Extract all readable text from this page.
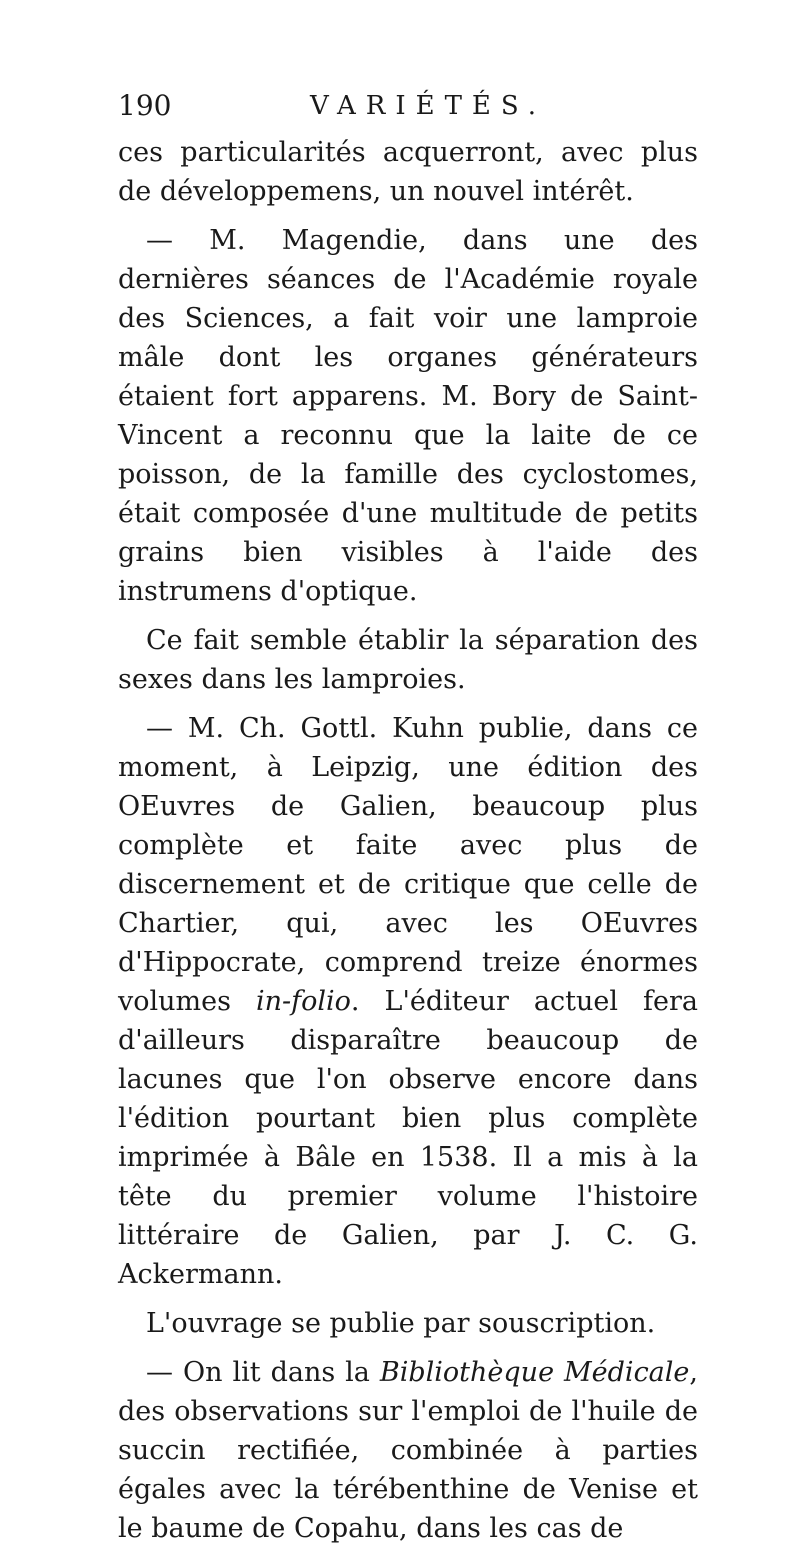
190	VARIÉTÉS.

ces particularités acquerront, avec plus de développemens, un nouvel intérêt.

— M. Magendie, dans une des dernières séances de l'Académie royale des Sciences, a fait voir une lamproie mâle dont les organes générateurs étaient fort apparens. M. Bory de Saint-Vincent a reconnu que la laite de ce poisson, de la famille des cyclostomes, était composée d'une multitude de petits grains bien visibles à l'aide des instrumens d'optique.

Ce fait semble établir la séparation des sexes dans les lamproies.

— M. Ch. Gottl. Kuhn publie, dans ce moment, à Leipzig, une édition des OEuvres de Galien, beaucoup plus complète et faite avec plus de discernement et de critique que celle de Chartier, qui, avec les OEuvres d'Hippocrate, comprend treize énormes volumes in-folio. L'éditeur actuel fera d'ailleurs disparaître beaucoup de lacunes que l'on observe encore dans l'édition pourtant bien plus complète imprimée à Bâle en 1538. Il a mis à la tête du premier volume l'histoire littéraire de Galien, par J. C. G. Ackermann.

L'ouvrage se publie par souscription.

— On lit dans la Bibliothèque Médicale, des observations sur l'emploi de l'huile de succin rectifiée, combinée à parties égales avec la térébenthine de Venise et le baume de Copahu, dans les cas de
